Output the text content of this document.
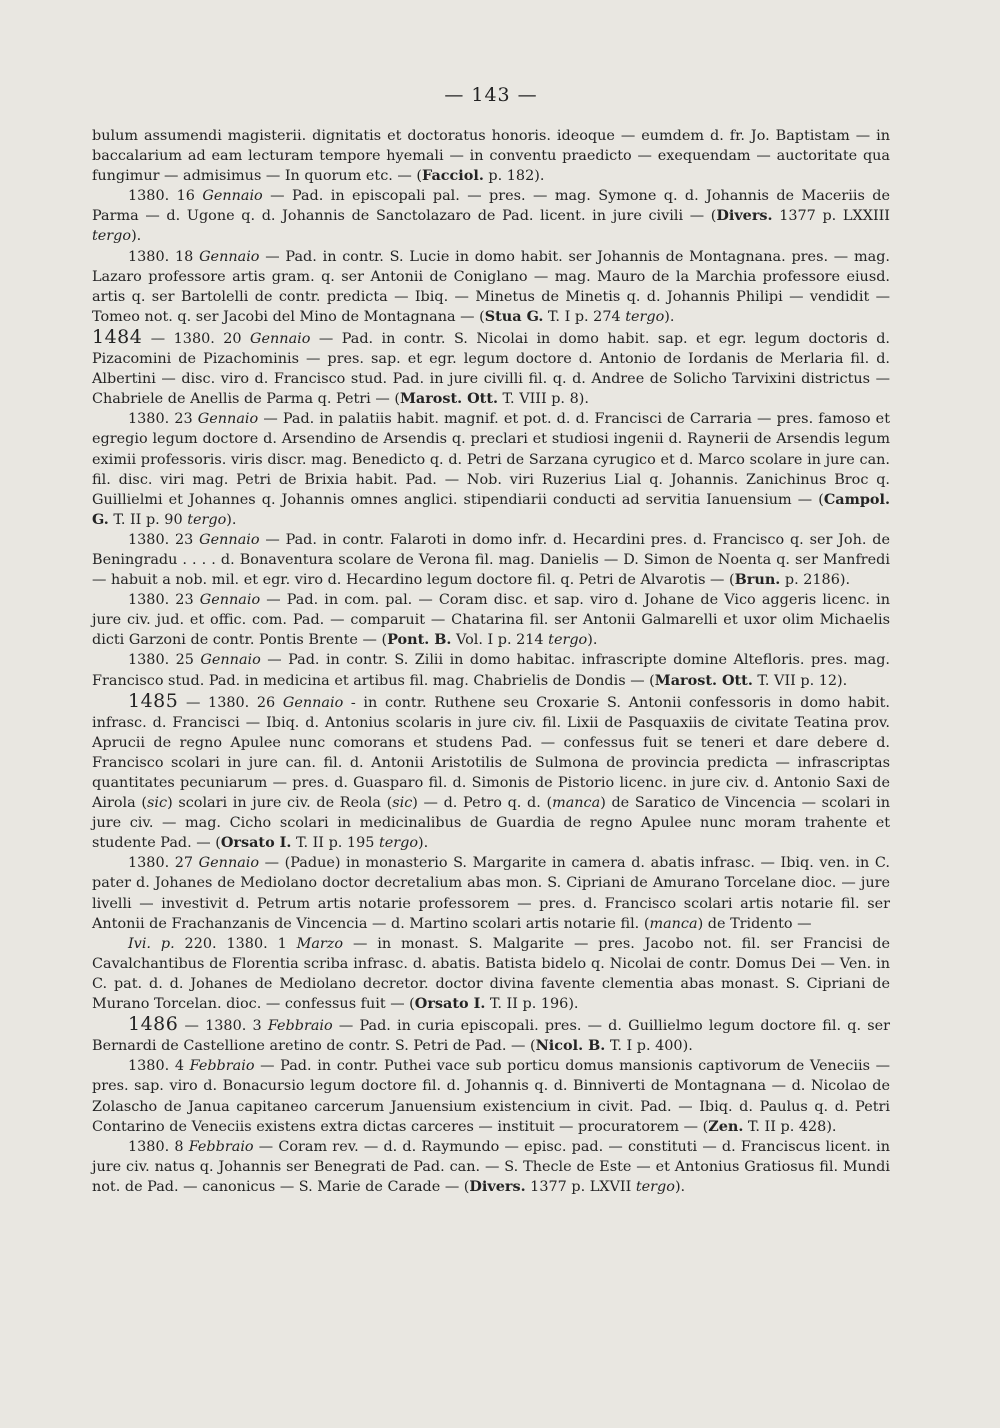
— 143 —

bulum assumendi magisterii. dignitatis et doctoratus honoris. ideoque — eumdem d. fr. Jo. Baptistam — in baccalarium ad eam lecturam tempore hyemali — in conventu praedicto — exequendam — auctoritate qua fungimur — admisimus — In quorum etc. — (Facciol. p. 182).

1380. 16 Gennaio — Pad. in episcopali pal. — pres. — mag. Symone q. d. Johannis de Maceriis de Parma — d. Ugone q. d. Johannis de Sanctolazaro de Pad. licent. in jure civili — (Divers. 1377 p. LXXIII tergo).

1380. 18 Gennaio — Pad. in contr. S. Lucie in domo habit. ser Johannis de Montagnana. pres. — mag. Lazaro professore artis gram. q. ser Antonii de Coniglano — mag. Mauro de la Marchia professore eiusd. artis q. ser Bartolelli de contr. predicta — Ibiq. — Minetus de Minetis q. d. Johannis Philipi — vendidit — Tomeo not. q. ser Jacobi del Mino de Montagnana — (Stua G. T. I p. 274 tergo).

1484 — 1380. 20 Gennaio — Pad. in contr. S. Nicolai in domo habit. sap. et egr. legum doctoris d. Pizacomini de Pizachominis — pres. sap. et egr. legum doctore d. Antonio de Iordanis de Merlaria fil. d. Albertini — disc. viro d. Francisco stud. Pad. in jure civilli fil. q. d. Andree de Solicho Tarvixini districtus — Chabriele de Anellis de Parma q. Petri — (Marost. Ott. T. VIII p. 8).

1380. 23 Gennaio — Pad. in palatiis habit. magnif. et pot. d. d. Francisci de Carraria — pres. famoso et egregio legum doctore d. Arsendino de Arsendis q. preclari et studiosi ingenii d. Raynerii de Arsendis legum eximii professoris. viris discr. mag. Benedicto q. d. Petri de Sarzana cyrugico et d. Marco scolare in jure can. fil. disc. viri mag. Petri de Brixia habit. Pad. — Nob. viri Ruzerius Lial q. Johannis. Zanichinus Broc q. Guillielmi et Johannes q. Johannis omnes anglici. stipendiarii conducti ad servitia Ianuensium — (Campol. G. T. II p. 90 tergo).

1380. 23 Gennaio — Pad. in contr. Falaroti in domo infr. d. Hecardini pres. d. Francisco q. ser Joh. de Beningradu . . . . d. Bonaventura scolare de Verona fil. mag. Danielis — D. Simon de Noenta q. ser Manfredi — habuit a nob. mil. et egr. viro d. Hecardino legum doctore fil. q. Petri de Alvarotis — (Brun. p. 2186).

1380. 23 Gennaio — Pad. in com. pal. — Coram disc. et sap. viro d. Johane de Vico aggeris licenc. in jure civ. jud. et offic. com. Pad. — comparuit — Chatarina fil. ser Antonii Galmarelli et uxor olim Michaelis dicti Garzoni de contr. Pontis Brente — (Pont. B. Vol. I p. 214 tergo).

1380. 25 Gennaio — Pad. in contr. S. Zilii in domo habitac. infrascripte domine Altefloris. pres. mag. Francisco stud. Pad. in medicina et artibus fil. mag. Chabrielis de Dondis — (Marost. Ott. T. VII p. 12).

1485 — 1380. 26 Gennaio - in contr. Ruthene seu Croxarie S. Antonii confessoris in domo habit. infrasc. d. Francisci — Ibiq. d. Antonius scolaris in jure civ. fil. Lixii de Pasquaxiis de civitate Teatina prov. Aprucii de regno Apulee nunc comorans et studens Pad. — confessus fuit se teneri et dare debere d. Francisco scolari in jure can. fil. d. Antonii Aristotilis de Sulmona de provincia predicta — infrascriptas quantitates pecuniarum — pres. d. Guasparo fil. d. Simonis de Pistorio licenc. in jure civ. d. Antonio Saxi de Airola (sic) scolari in jure civ. de Reola (sic) — d. Petro q. d. (manca) de Saratico de Vincencia — scolari in jure civ. — mag. Cicho scolari in medicinalibus de Guardia de regno Apulee nunc moram trahente et studente Pad. — (Orsato I. T. II p. 195 tergo).

1380. 27 Gennaio — (Padue) in monasterio S. Margarite in camera d. abatis infrasc. — Ibiq. ven. in C. pater d. Johanes de Mediolano doctor decretalium abas mon. S. Cipriani de Amurano Torcelane dioc. — jure livelli — investivit d. Petrum artis notarie professorem — pres. d. Francisco scolari artis notarie fil. ser Antonii de Frachanzanis de Vincencia — d. Martino scolari artis notarie fil. (manca) de Tridento —

Ivi. p. 220. 1380. 1 Marzo — in monast. S. Malgarite — pres. Jacobo not. fil. ser Francisi de Cavalchantibus de Florentia scriba infrasc. d. abatis. Batista bidelo q. Nicolai de contr. Domus Dei — Ven. in C. pat. d. d. Johanes de Mediolano decretor. doctor divina favente clementia abas monast. S. Cipriani de Murano Torcelan. dioc. — confessus fuit — (Orsato I. T. II p. 196).

1486 — 1380. 3 Febbraio — Pad. in curia episcopali. pres. — d. Guillielmo legum doctore fil. q. ser Bernardi de Castellione aretino de contr. S. Petri de Pad. — (Nicol. B. T. I p. 400).

1380. 4 Febbraio — Pad. in contr. Puthei vace sub porticu domus mansionis captivorum de Veneciis — pres. sap. viro d. Bonacursio legum doctore fil. d. Johannis q. d. Binniverti de Montagnana — d. Nicolao de Zolascho de Janua capitaneo carcerum Januensium existencium in civit. Pad. — Ibiq. d. Paulus q. d. Petri Contarino de Veneciis existens extra dictas carceres — instituit — procuratorem — (Zen. T. II p. 428).

1380. 8 Febbraio — Coram rev. — d. d. Raymundo — episc. pad. — constituti — d. Franciscus licent. in jure civ. natus q. Johannis ser Benegrati de Pad. can. — S. Thecle de Este — et Antonius Gratiosus fil. Mundi not. de Pad. — canonicus — S. Marie de Carade — (Divers. 1377 p. LXVII tergo).
